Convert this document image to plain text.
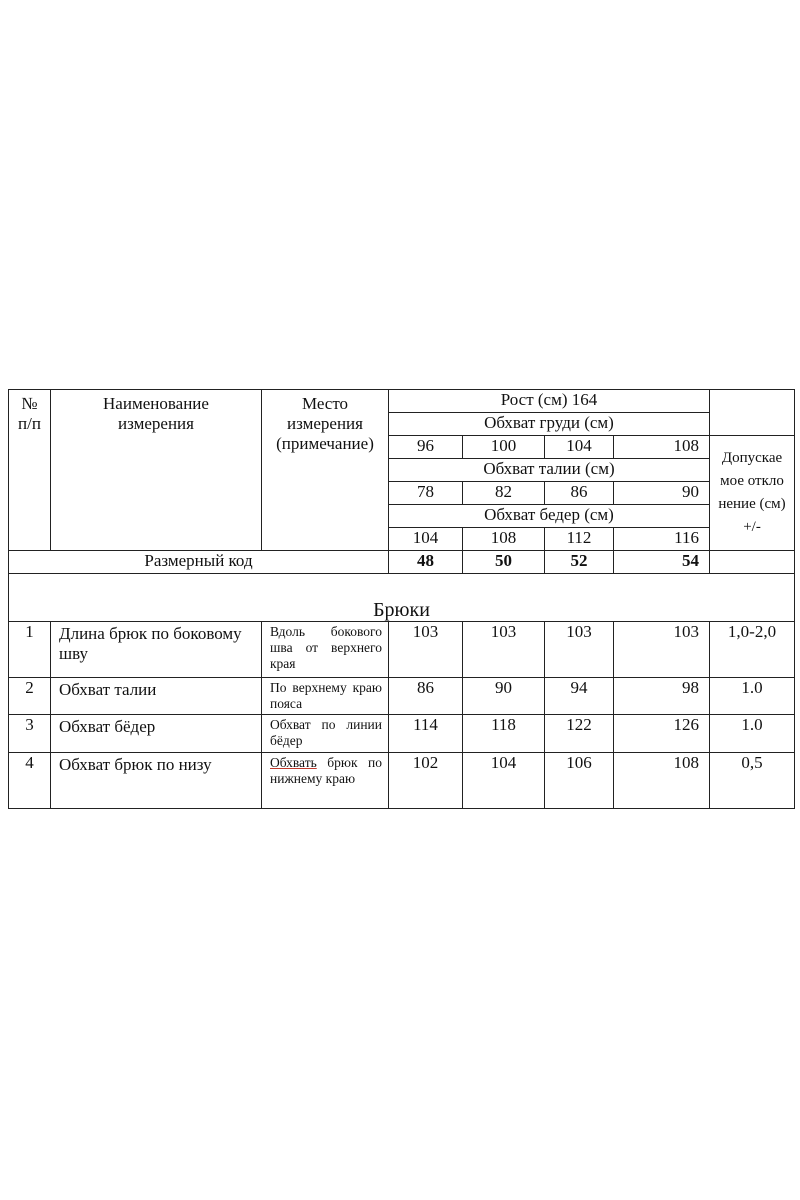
№ п/п	Наименование измерения	Место измерения (примечание)	Рост (см) 164				
			Обхват груди (см)				
			96	100	104	108	Допускаемое отклонение (см) +/-
			Обхват талии (см)				
			78	82	86	90	
			Обхват бедер (см)				
			104	108	112	116	
Размерный код			48	50	52	54	
Брюки							
1	Длина брюк по боковому шву	Вдоль бокового шва от верхнего края	103	103	103	103	1,0-2,0
2	Обхват талии	По верхнему краю пояса	86	90	94	98	1.0
3	Обхват бёдер	Обхват по линии бёдер	114	118	122	126	1.0
4	Обхват брюк по низу	Обхвать брюк по нижнему краю	102	104	106	108	0,5
